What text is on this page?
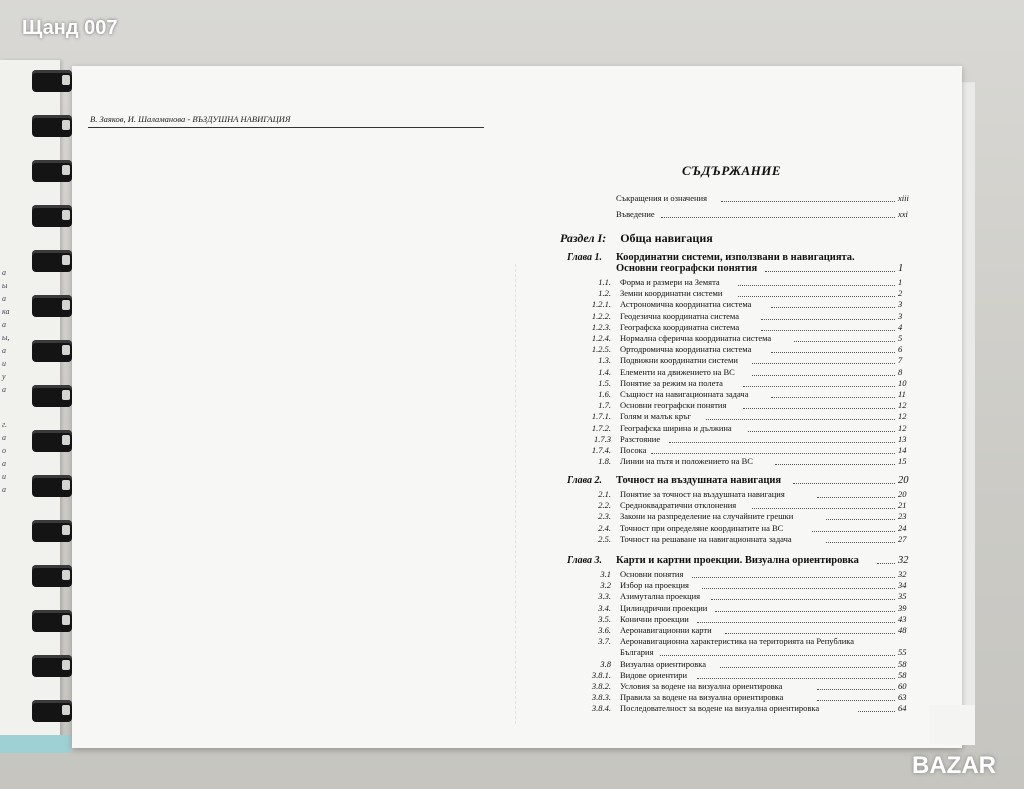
а
ы
а
ка
а
ы,
а
и
у
а
г.
а
о
а
и
а
Щанд 007
BAZAR
В. Заяков, И. Шаламанова - ВЪЗДУШНА НАВИГАЦИЯ
СЪДЪРЖАНИЕ
Съкращения и означения	xiii
Въведение	xxi
Глава 1. Координатни системи, използвани в навигацията.
Основни географски понятия	1
1.1. Форма и размери на Земята	1
1.2. Земни координатни системи	2
1.2.1. Астрономична координатна система	3
1.2.2. Геодезична координатна система	3
1.2.3. Географска координатна система	4
1.2.4. Нормална сферична координатна система	5
1.2.5. Ортодромична координатна система	6
1.3. Подвижни координатни системи	7
1.4. Елементи на движението на ВС	8
1.5. Понятие за режим на полета	10
1.6. Същност на навигационната задача	11
1.7. Основни географски понятия	12
1.7.1. Голям и малък кръг	12
1.7.2. Географска ширина и дължина	12
1.7.3 Разстояние	13
1.7.4. Посока	14
1.8. Линии на пътя и положението на ВС	15
Глава 2. Точност на въздушната навигация	20
2.1. Понятие за точност на въздушната навигация	20
2.2. Средноквадратични отклонения	21
2.3. Закони на разпределение на случайните грешки	23
2.4. Точност при определяне координатите на ВС	24
2.5. Точност на решаване на навигационната задача	27
Глава 3. Карти и картни проекции. Визуална ориентировка	32
3.1 Основни понятия	32
3.2 Избор на проекция	34
3.3. Азимутална проекция	35
3.4. Цилиндрични проекции	39
3.5. Конични проекции	43
3.6. Аеронавигационни карти	48
3.7. Аеронавигационна характеристика на територията на Република
България	55
3.8 Визуална ориентировка	58
3.8.1. Видове ориентири	58
3.8.2. Условия за водене на визуална ориентировка	60
3.8.3. Правила за водене на визуална ориентировка	63
3.8.4. Последователност за водене на визуална ориентировка	64
Раздел I: Обща навигация
